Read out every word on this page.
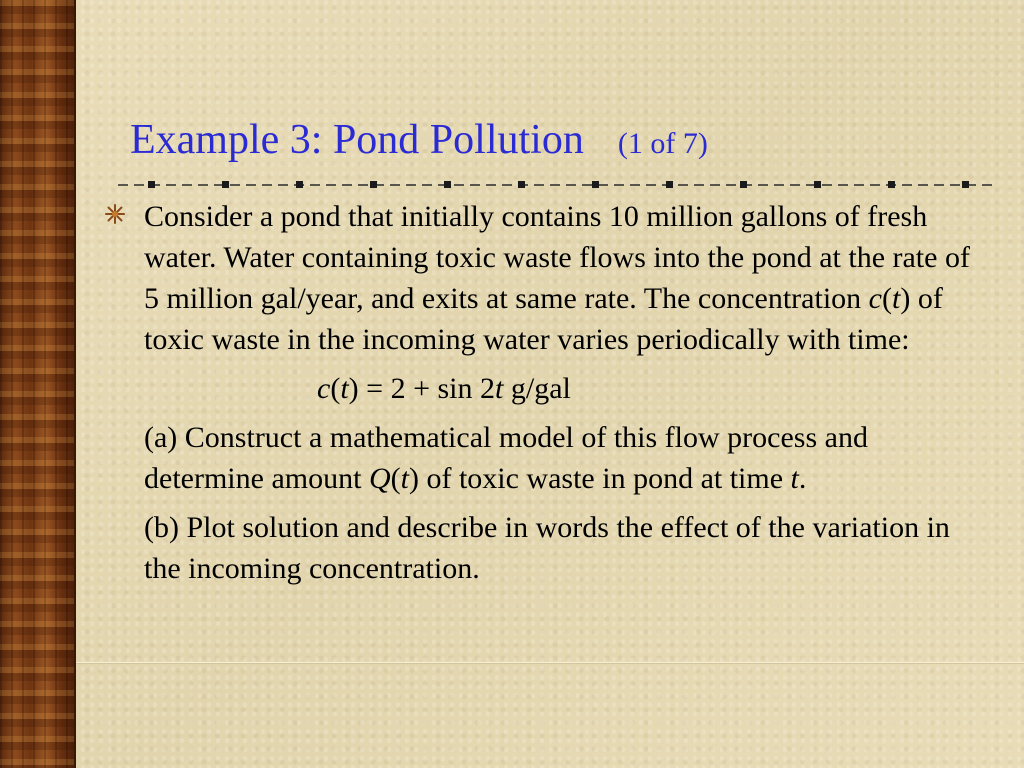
Example 3: Pond Pollution (1 of 7)

Consider a pond that initially contains 10 million gallons of fresh water. Water containing toxic waste flows into the pond at the rate of 5 million gal/year, and exits at same rate. The concentration c(t) of toxic waste in the incoming water varies periodically with time:

c(t) = 2 + sin 2t g/gal

(a) Construct a mathematical model of this flow process and determine amount Q(t) of toxic waste in pond at time t.

(b) Plot solution and describe in words the effect of the variation in the incoming concentration.
